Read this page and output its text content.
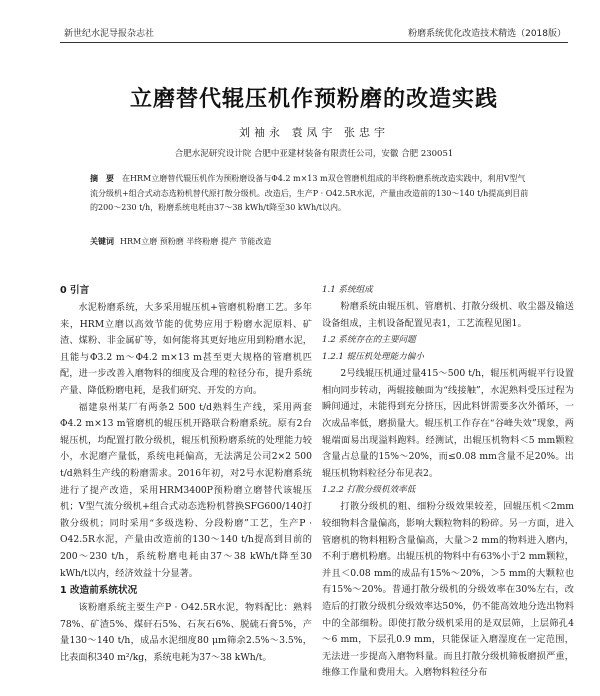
新世纪水泥导报杂志社	粉磨系统优化改造技术精选（2018版）
立磨替代辊压机作预粉磨的改造实践
刘袖永 袁凤宇 张忠宇
合肥水泥研究设计院 合肥中亚建材装备有限责任公司，安徽 合肥 230051
摘　要 在HRM立磨替代辊压机作为预粉磨设备与Φ4.2 m×13 m双仓管磨机组成的半终粉磨系统改造实践中，利用V型气流分级机+组合式动态选粉机替代原打散分级机。改造后，生产P · O42.5R水泥，产量由改造前的130～140 t/h提高到目前的200～230 t/h，粉磨系统电耗由37～38 kWh/t降至30 kWh/t以内。
关键词 HRM立磨 预粉磨 半终粉磨 提产 节能改造
0 引言

水泥粉磨系统，大多采用辊压机+管磨机粉磨工艺。多年来，HRM立磨以高效节能的优势应用于粉磨水泥原料、矿渣、煤粉、非金属矿等，如何能将其更好地应用到粉磨水泥，且能与Φ3.2 m～Φ4.2 m×13 m甚至更大规格的管磨机匹配，进一步改善入磨物料的细度及合理的粒径分布，提升系统产量、降低粉磨电耗，是我们研究、开发的方向。

福建泉州某厂有两条2 500 t/d熟料生产线，采用两套Φ4.2 m×13 m管磨机的辊压机开路联合粉磨系统。原有2台辊压机，均配置打散分级机，辊压机预粉磨系统的处理能力较小，水泥磨产量低，系统电耗偏高，无法满足公司2×2 500 t/d熟料生产线的粉磨需求。2016年初，对2号水泥粉磨系统进行了提产改造，采用HRM3400P预粉磨立磨替代该辊压机；V型气流分级机+组合式动态选粉机替换SFG600/140打散分级机；同时采用“多级选粉、分段粉磨”工艺，生产P · O42.5R水泥，产量由改造前的130～140 t/h提高到目前的200～230 t/h，系统粉磨电耗由37～38 kWh/t降至30 kWh/t以内，经济效益十分显著。

1 改造前系统状况

该粉磨系统主要生产P · O42.5R水泥，物料配比：熟料78%、矿渣5%、煤矸石5%、石灰石6%、脱硫石膏5%，产量130～140 t/h，成品水泥细度80 μm筛余2.5%～3.5%，比表面积340 m²/kg，系统电耗为37～38 kWh/t。

1.1 系统组成

粉磨系统由辊压机、管磨机、打散分级机、收尘器及输送设备组成，主机设备配置见表1，工艺流程见图1。

1.2 系统存在的主要问题
1.2.1 辊压机处理能力偏小

2号线辊压机通过量415～500 t/h，辊压机两辊平行设置相向同步转动，两辊接触面为“线接触”，水泥熟料受压过程为瞬间通过，未能得到充分挤压，因此料饼需要多次外循环，一次成品率低，磨损量大。辊压机工作存在“谷峰失效”现象，两辊端面易出现溢料跑料。经测试，出辊压机物料＜5 mm颗粒含量占总量的15%～20%，而≤0.08 mm含量不足20%。出辊压机物料粒径分布见表2。

1.2.2 打散分级机效率低

打散分级机的粗、细粉分级效果较差，回辊压机＜2mm较细物料含量偏高，影响大颗粒物料的粉碎。另一方面，进入管磨机的物料粗粉含量偏高，大量＞2 mm的物料进入磨内，不利于磨机粉磨。出辊压机的物料中有63%小于2 mm颗粒，并且＜0.08 mm的成品有15%～20%，＞5 mm的大颗粒也有15%～20%。普通打散分级机的分级效率在30%左右，改造后的打散分级机分级效率达50%，仍不能高效地分选出物料中的全部细粉。即使打散分级机采用的是双层筛，上层筛孔4～6 mm，下层孔0.9 mm，只能保证入磨湿度在一定范围，无法进一步提高入磨物料量。而且打散分级机筛板磨损严重，维修工作量和费用大。入磨物料粒径分布
